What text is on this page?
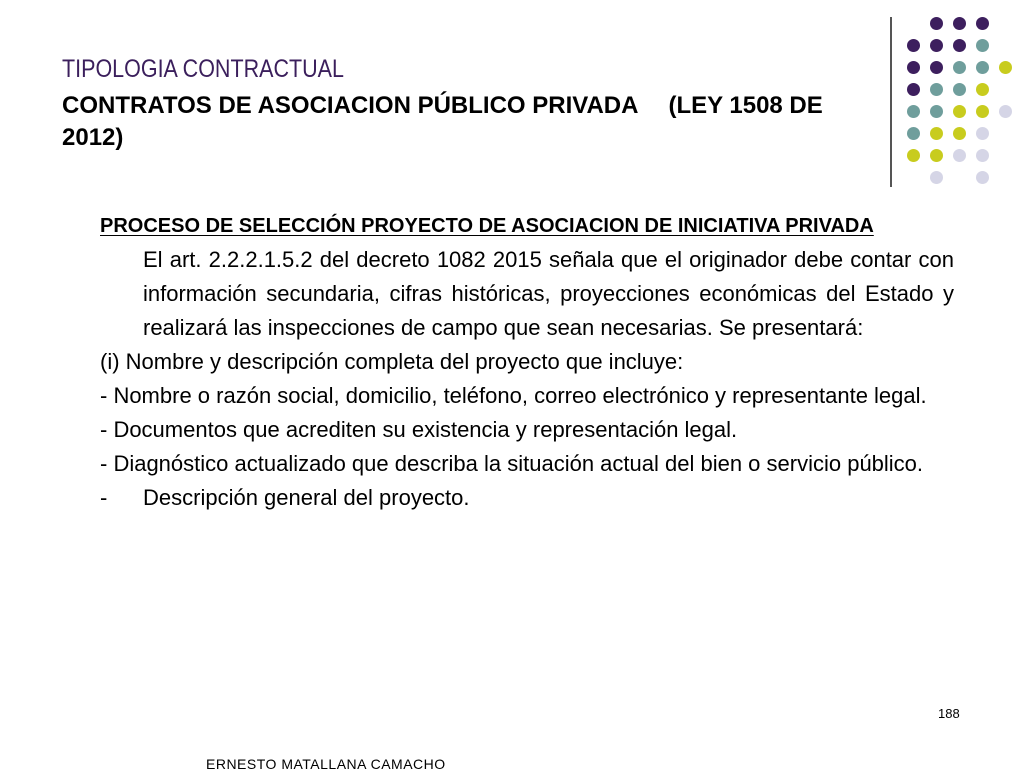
TIPOLOGIA CONTRACTUAL
CONTRATOS DE ASOCIACION PÚBLICO PRIVADA (LEY 1508 DE 2012)

PROCESO DE SELECCIÓN PROYECTO DE ASOCIACION DE INICIATIVA PRIVADA

El art. 2.2.2.1.5.2 del decreto 1082 2015 señala que el originador debe contar con información secundaria, cifras históricas, proyecciones económicas del Estado y realizará las inspecciones de campo que sean necesarias. Se presentará:

(i) Nombre y descripción completa del proyecto que incluye:

- Nombre o razón social, domicilio, teléfono, correo electrónico y representante legal.

- Documentos que acrediten su existencia y representación legal.

- Diagnóstico actualizado que describa la situación actual del bien o servicio público.

-	Descripción general del proyecto.
188
ERNESTO MATALLANA CAMACHO
